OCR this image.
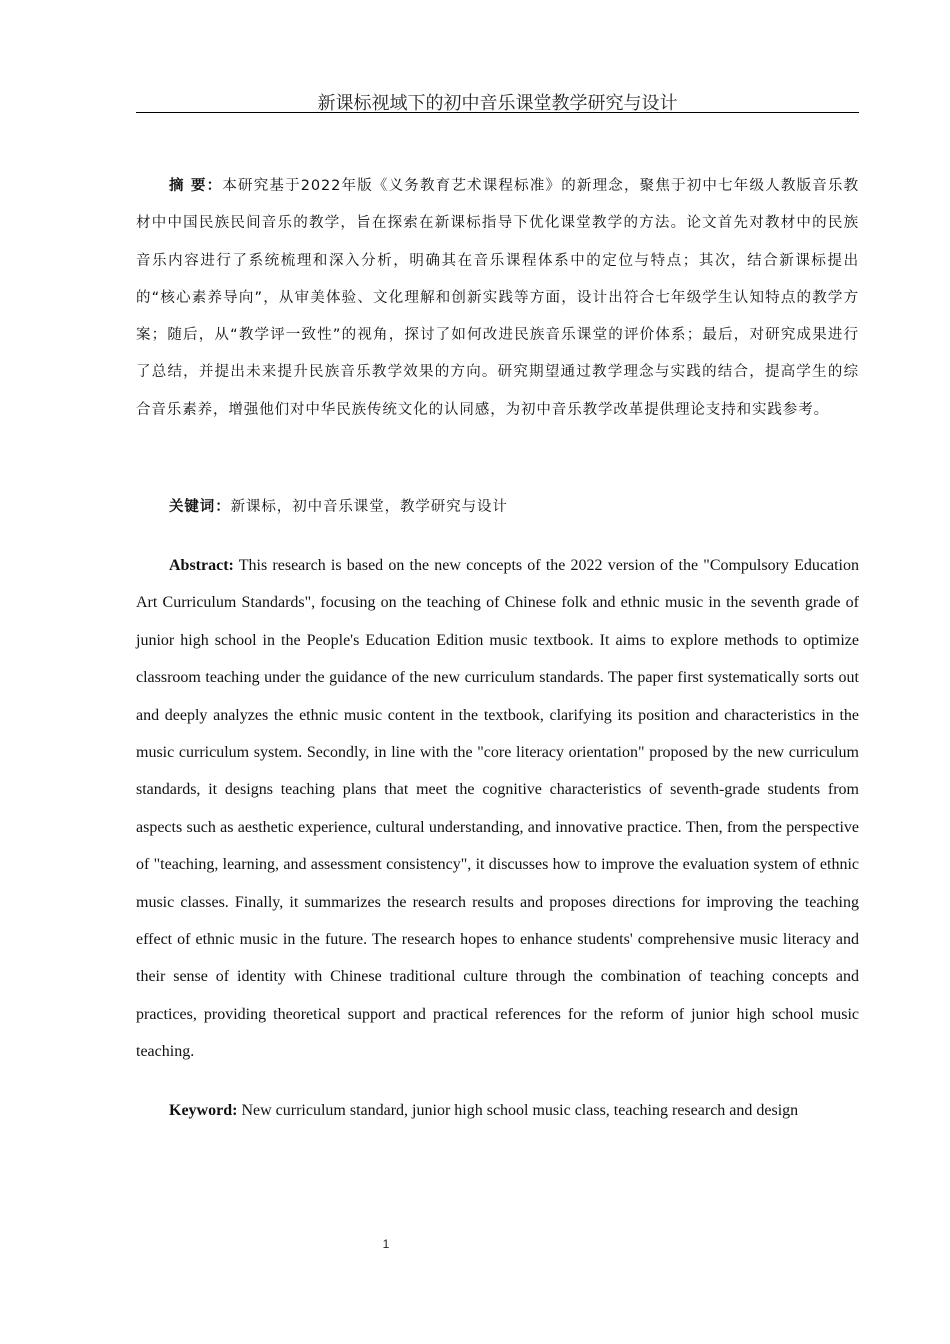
新课标视域下的初中音乐课堂教学研究与设计

摘 要：本研究基于2022年版《义务教育艺术课程标准》的新理念，聚焦于初中七年级人教版音乐教材中中国民族民间音乐的教学，旨在探索在新课标指导下优化课堂教学的方法。论文首先对教材中的民族音乐内容进行了系统梳理和深入分析，明确其在音乐课程体系中的定位与特点；其次，结合新课标提出的“核心素养导向”，从审美体验、文化理解和创新实践等方面，设计出符合七年级学生认知特点的教学方案；随后，从“教学评一致性”的视角，探讨了如何改进民族音乐课堂的评价体系；最后，对研究成果进行了总结，并提出未来提升民族音乐教学效果的方向。研究期望通过教学理念与实践的结合，提高学生的综合音乐素养，增强他们对中华民族传统文化的认同感，为初中音乐教学改革提供理论支持和实践参考。

关键词：新课标，初中音乐课堂，教学研究与设计

Abstract: This research is based on the new concepts of the 2022 version of the "Compulsory Education Art Curriculum Standards", focusing on the teaching of Chinese folk and ethnic music in the seventh grade of junior high school in the People's Education Edition music textbook. It aims to explore methods to optimize classroom teaching under the guidance of the new curriculum standards. The paper first systematically sorts out and deeply analyzes the ethnic music content in the textbook, clarifying its position and characteristics in the music curriculum system. Secondly, in line with the "core literacy orientation" proposed by the new curriculum standards, it designs teaching plans that meet the cognitive characteristics of seventh-grade students from aspects such as aesthetic experience, cultural understanding, and innovative practice. Then, from the perspective of "teaching, learning, and assessment consistency", it discusses how to improve the evaluation system of ethnic music classes. Finally, it summarizes the research results and proposes directions for improving the teaching effect of ethnic music in the future. The research hopes to enhance students' comprehensive music literacy and their sense of identity with Chinese traditional culture through the combination of teaching concepts and practices, providing theoretical support and practical references for the reform of junior high school music teaching.

Keyword: New curriculum standard, junior high school music class, teaching research and design

1
